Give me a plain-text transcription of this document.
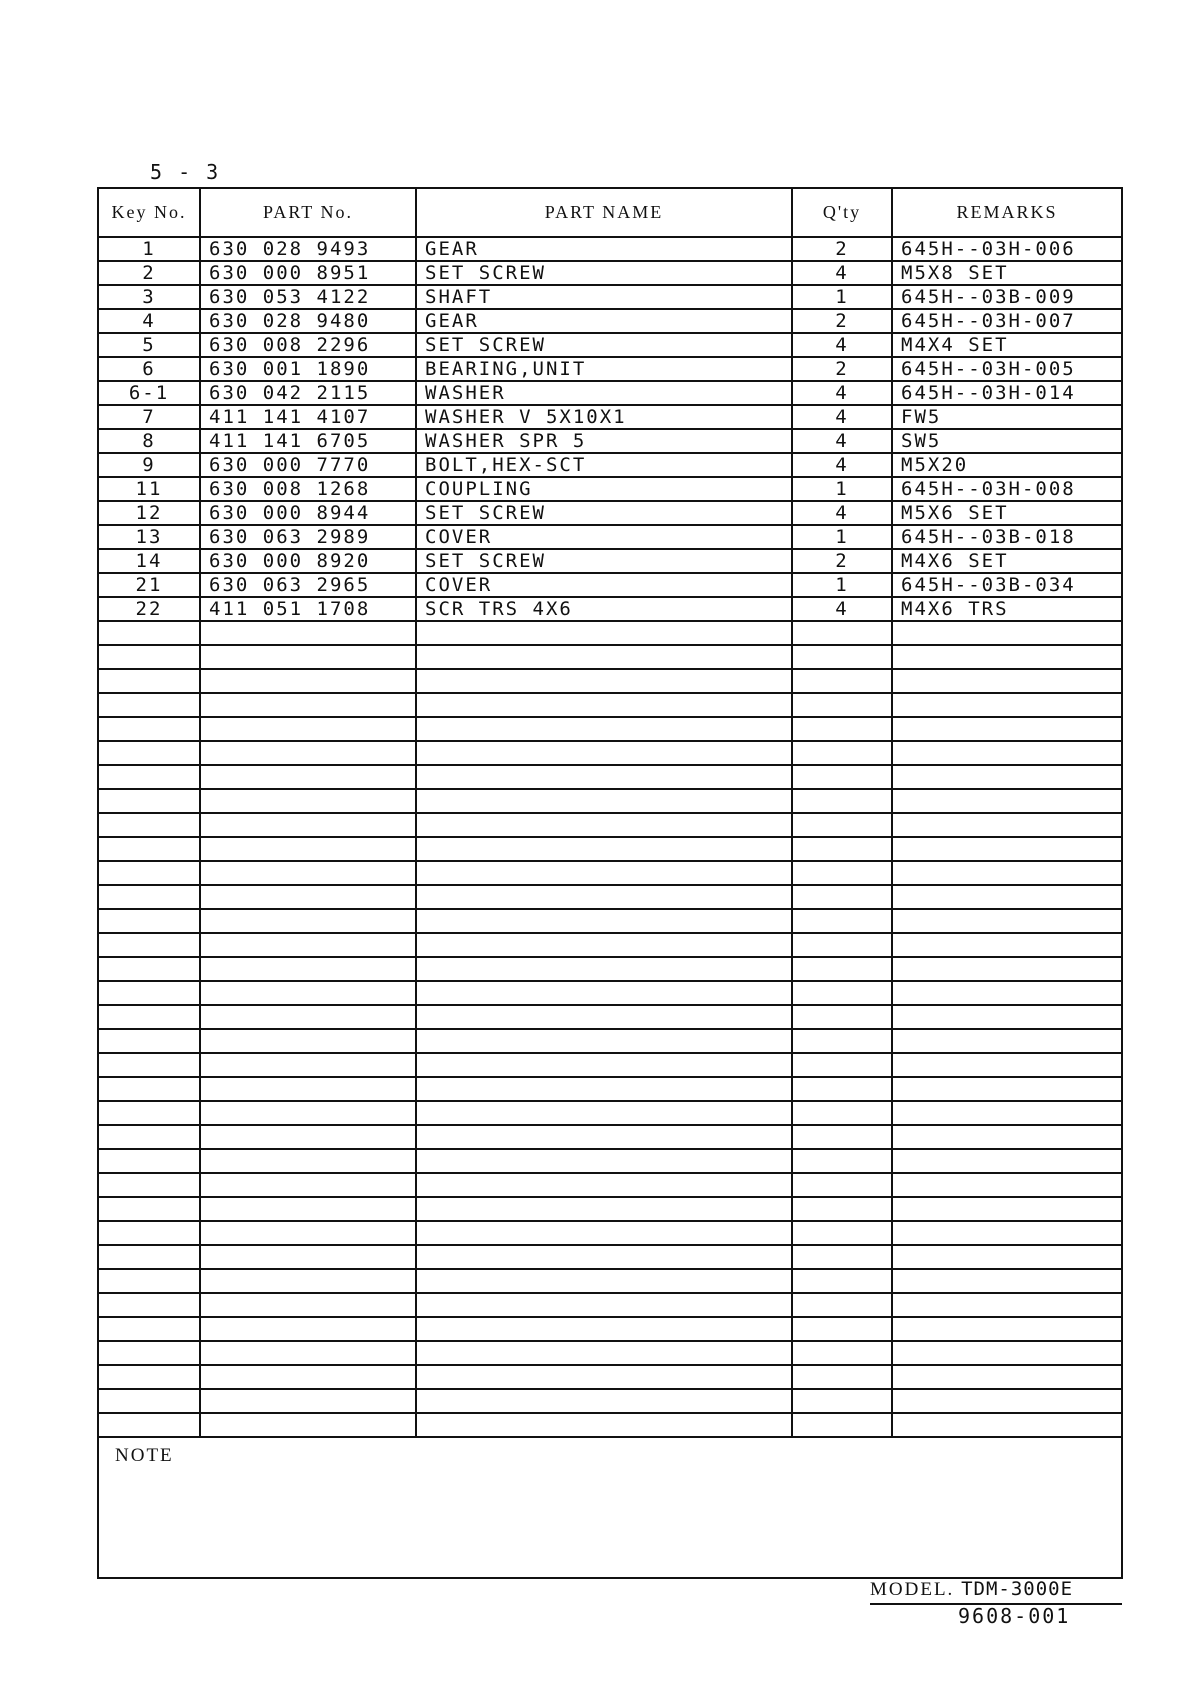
5 - 3
Key No.	PART No.	PART NAME	Q'ty	REMARKS
1	630 028 9493	GEAR	2	645H--03H-006
2	630 000 8951	SET SCREW	4	M5X8 SET
3	630 053 4122	SHAFT	1	645H--03B-009
4	630 028 9480	GEAR	2	645H--03H-007
5	630 008 2296	SET SCREW	4	M4X4 SET
6	630 001 1890	BEARING,UNIT	2	645H--03H-005
6-1	630 042 2115	WASHER	4	645H--03H-014
7	411 141 4107	WASHER V 5X10X1	4	FW5
8	411 141 6705	WASHER SPR 5	4	SW5
9	630 000 7770	BOLT,HEX-SCT	4	M5X20
11	630 008 1268	COUPLING	1	645H--03H-008
12	630 000 8944	SET SCREW	4	M5X6 SET
13	630 063 2989	COVER	1	645H--03B-018
14	630 000 8920	SET SCREW	2	M4X6 SET
21	630 063 2965	COVER	1	645H--03B-034
22	411 051 1708	SCR TRS 4X6	4	M4X6 TRS

NOTE
MODEL. TDM-3000E
9608-001
